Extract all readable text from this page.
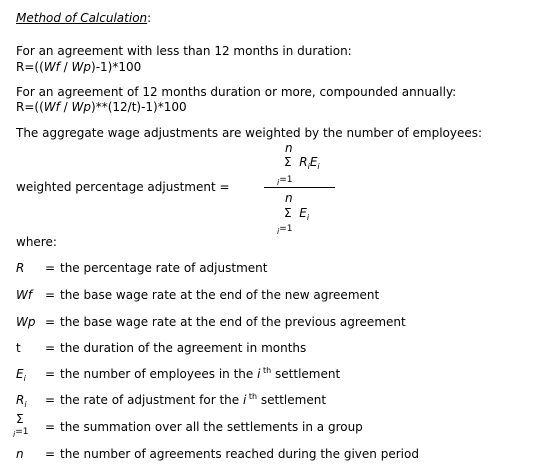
Method of Calculation:
For an agreement with less than 12 months in duration:
R=((Wf / Wp)-1)*100
For an agreement of 12 months duration or more, compounded annually:
R=((Wf / Wp)**(12/t)-1)*100
The aggregate wage adjustments are weighted by the number of employees:
weighted percentage adjustment =
n
Σ $R_iE_i$
i=1
n
Σ $E_i$
i=1
where:
R = the percentage rate of adjustment
Wf = the base wage rate at the end of the new agreement
Wp = the base wage rate at the end of the previous agreement
t = the duration of the agreement in months
$E_i$ = the number of employees in the i $^{th}$ settlement
$R_i$ = the rate of adjustment for the i $^{th}$ settlement
Σ
i=1 = the summation over all the settlements in a group
n = the number of agreements reached during the given period
